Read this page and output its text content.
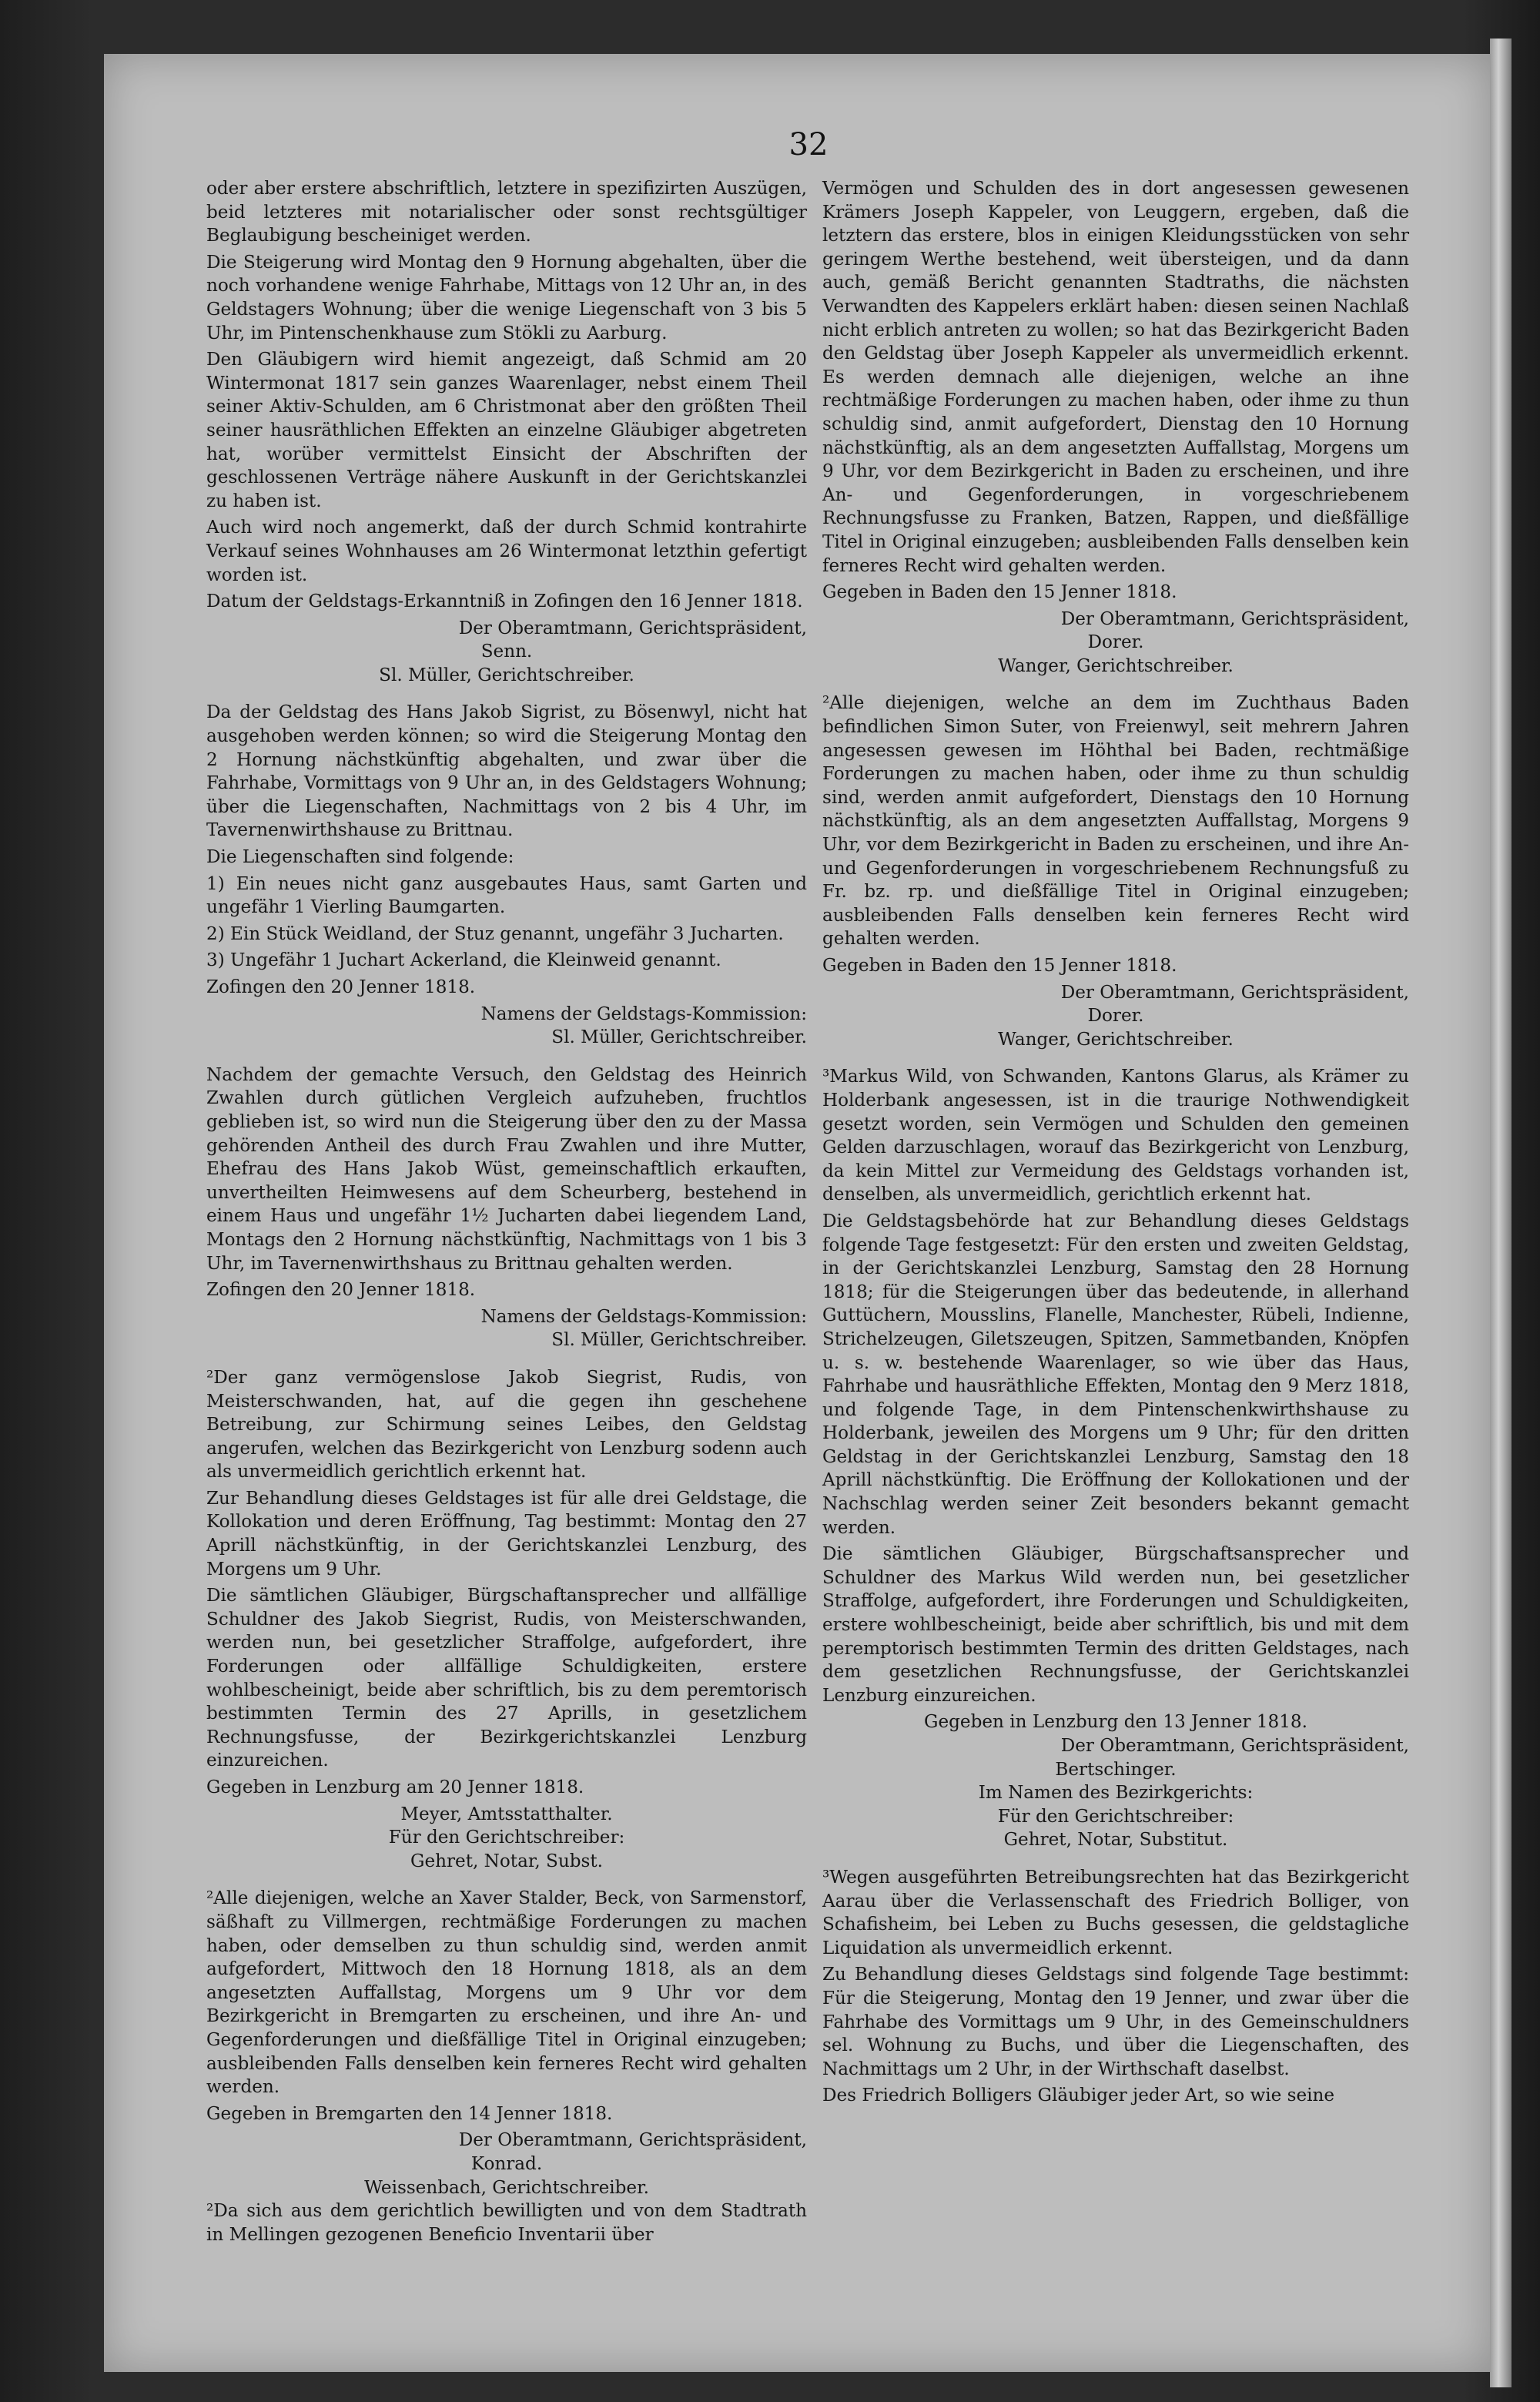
32

oder aber erstere abschriftlich, letztere in spezifizirten Auszügen, beid letzteres mit notarialischer oder sonst rechtsgültiger Beglaubigung bescheiniget werden.

Die Steigerung wird Montag den 9 Hornung abgehalten, über die noch vorhandene wenige Fahrhabe, Mittags von 12 Uhr an, in des Geldstagers Wohnung; über die wenige Liegenschaft von 3 bis 5 Uhr, im Pintenschenkhause zum Stökli zu Aarburg.

Den Gläubigern wird hiemit angezeigt, daß Schmid am 20 Wintermonat 1817 sein ganzes Waarenlager, nebst einem Theil seiner Aktiv-Schulden, am 6 Christmonat aber den größten Theil seiner hausräthlichen Effekten an einzelne Gläubiger abgetreten hat, worüber vermittelst Einsicht der Abschriften der geschlossenen Verträge nähere Auskunft in der Gerichtskanzlei zu haben ist.

Auch wird noch angemerkt, daß der durch Schmid kontrahirte Verkauf seines Wohnhauses am 26 Wintermonat letzthin gefertigt worden ist.

Datum der Geldstags-Erkanntniß in Zofingen den 16 Jenner 1818.

Der Oberamtmann, Gerichtspräsident,

Senn.

Sl. Müller, Gerichtschreiber.

Da der Geldstag des Hans Jakob Sigrist, zu Bösenwyl, nicht hat ausgehoben werden können; so wird die Steigerung Montag den 2 Hornung nächstkünftig abgehalten, und zwar über die Fahrhabe, Vormittags von 9 Uhr an, in des Geldstagers Wohnung; über die Liegenschaften, Nachmittags von 2 bis 4 Uhr, im Tavernenwirthshause zu Brittnau.

Die Liegenschaften sind folgende:

1) Ein neues nicht ganz ausgebautes Haus, samt Garten und ungefähr 1 Vierling Baumgarten.

2) Ein Stück Weidland, der Stuz genannt, ungefähr 3 Jucharten.

3) Ungefähr 1 Juchart Ackerland, die Kleinweid genannt.

Zofingen den 20 Jenner 1818.

Namens der Geldstags-Kommission:

Sl. Müller, Gerichtschreiber.

Nachdem der gemachte Versuch, den Geldstag des Heinrich Zwahlen durch gütlichen Vergleich aufzuheben, fruchtlos geblieben ist, so wird nun die Steigerung über den zu der Massa gehörenden Antheil des durch Frau Zwahlen und ihre Mutter, Ehefrau des Hans Jakob Wüst, gemeinschaftlich erkauften, unvertheilten Heimwesens auf dem Scheurberg, bestehend in einem Haus und ungefähr 1½ Jucharten dabei liegendem Land, Montags den 2 Hornung nächstkünftig, Nachmittags von 1 bis 3 Uhr, im Tavernenwirthshaus zu Brittnau gehalten werden.

Zofingen den 20 Jenner 1818.

Namens der Geldstags-Kommission:

Sl. Müller, Gerichtschreiber.

²Der ganz vermögenslose Jakob Siegrist, Rudis, von Meisterschwanden, hat, auf die gegen ihn geschehene Betreibung, zur Schirmung seines Leibes, den Geldstag angerufen, welchen das Bezirkgericht von Lenzburg sodenn auch als unvermeidlich gerichtlich erkennt hat.

Zur Behandlung dieses Geldstages ist für alle drei Geldstage, die Kollokation und deren Eröffnung, Tag bestimmt: Montag den 27 Aprill nächstkünftig, in der Gerichtskanzlei Lenzburg, des Morgens um 9 Uhr.

Die sämtlichen Gläubiger, Bürgschaftansprecher und allfällige Schuldner des Jakob Siegrist, Rudis, von Meisterschwanden, werden nun, bei gesetzlicher Straffolge, aufgefordert, ihre Forderungen oder allfällige Schuldigkeiten, erstere wohlbescheinigt, beide aber schriftlich, bis zu dem peremtorisch bestimmten Termin des 27 Aprills, in gesetzlichem Rechnungsfusse, der Bezirkgerichtskanzlei Lenzburg einzureichen.

Gegeben in Lenzburg am 20 Jenner 1818.

Meyer, Amtsstatthalter.

Für den Gerichtschreiber:

Gehret, Notar, Subst.

²Alle diejenigen, welche an Xaver Stalder, Beck, von Sarmenstorf, säßhaft zu Villmergen, rechtmäßige Forderungen zu machen haben, oder demselben zu thun schuldig sind, werden anmit aufgefordert, Mittwoch den 18 Hornung 1818, als an dem angesetzten Auffallstag, Morgens um 9 Uhr vor dem Bezirkgericht in Bremgarten zu erscheinen, und ihre An- und Gegenforderungen und dießfällige Titel in Original einzugeben; ausbleibenden Falls denselben kein ferneres Recht wird gehalten werden.

Gegeben in Bremgarten den 14 Jenner 1818.

Der Oberamtmann, Gerichtspräsident,

Konrad.

Weissenbach, Gerichtschreiber.

²Da sich aus dem gerichtlich bewilligten und von dem Stadtrath in Mellingen gezogenen Beneficio Inventarii über

Vermögen und Schulden des in dort angesessen gewesenen Krämers Joseph Kappeler, von Leuggern, ergeben, daß die letztern das erstere, blos in einigen Kleidungsstücken von sehr geringem Werthe bestehend, weit übersteigen, und da dann auch, gemäß Bericht genannten Stadtraths, die nächsten Verwandten des Kappelers erklärt haben: diesen seinen Nachlaß nicht erblich antreten zu wollen; so hat das Bezirkgericht Baden den Geldstag über Joseph Kappeler als unvermeidlich erkennt. Es werden demnach alle diejenigen, welche an ihne rechtmäßige Forderungen zu machen haben, oder ihme zu thun schuldig sind, anmit aufgefordert, Dienstag den 10 Hornung nächstkünftig, als an dem angesetzten Auffallstag, Morgens um 9 Uhr, vor dem Bezirkgericht in Baden zu erscheinen, und ihre An- und Gegenforderungen, in vorgeschriebenem Rechnungsfusse zu Franken, Batzen, Rappen, und dießfällige Titel in Original einzugeben; ausbleibenden Falls denselben kein ferneres Recht wird gehalten werden.

Gegeben in Baden den 15 Jenner 1818.

Der Oberamtmann, Gerichtspräsident,

Dorer.

Wanger, Gerichtschreiber.

²Alle diejenigen, welche an dem im Zuchthaus Baden befindlichen Simon Suter, von Freienwyl, seit mehrern Jahren angesessen gewesen im Höhthal bei Baden, rechtmäßige Forderungen zu machen haben, oder ihme zu thun schuldig sind, werden anmit aufgefordert, Dienstags den 10 Hornung nächstkünftig, als an dem angesetzten Auffallstag, Morgens 9 Uhr, vor dem Bezirkgericht in Baden zu erscheinen, und ihre An- und Gegenforderungen in vorgeschriebenem Rechnungsfuß zu Fr. bz. rp. und dießfällige Titel in Original einzugeben; ausbleibenden Falls denselben kein ferneres Recht wird gehalten werden.

Gegeben in Baden den 15 Jenner 1818.

Der Oberamtmann, Gerichtspräsident,

Dorer.

Wanger, Gerichtschreiber.

³Markus Wild, von Schwanden, Kantons Glarus, als Krämer zu Holderbank angesessen, ist in die traurige Nothwendigkeit gesetzt worden, sein Vermögen und Schulden den gemeinen Gelden darzuschlagen, worauf das Bezirkgericht von Lenzburg, da kein Mittel zur Vermeidung des Geldstags vorhanden ist, denselben, als unvermeidlich, gerichtlich erkennt hat.

Die Geldstagsbehörde hat zur Behandlung dieses Geldstags folgende Tage festgesetzt: Für den ersten und zweiten Geldstag, in der Gerichtskanzlei Lenzburg, Samstag den 28 Hornung 1818; für die Steigerungen über das bedeutende, in allerhand Guttüchern, Mousslins, Flanelle, Manchester, Rübeli, Indienne, Strichelzeugen, Giletszeugen, Spitzen, Sammetbanden, Knöpfen u. s. w. bestehende Waarenlager, so wie über das Haus, Fahrhabe und hausräthliche Effekten, Montag den 9 Merz 1818, und folgende Tage, in dem Pintenschenkwirthshause zu Holderbank, jeweilen des Morgens um 9 Uhr; für den dritten Geldstag in der Gerichtskanzlei Lenzburg, Samstag den 18 Aprill nächstkünftig. Die Eröffnung der Kollokationen und der Nachschlag werden seiner Zeit besonders bekannt gemacht werden.

Die sämtlichen Gläubiger, Bürgschaftsansprecher und Schuldner des Markus Wild werden nun, bei gesetzlicher Straffolge, aufgefordert, ihre Forderungen und Schuldigkeiten, erstere wohlbescheinigt, beide aber schriftlich, bis und mit dem peremptorisch bestimmten Termin des dritten Geldstages, nach dem gesetzlichen Rechnungsfusse, der Gerichtskanzlei Lenzburg einzureichen.

Gegeben in Lenzburg den 13 Jenner 1818.

Der Oberamtmann, Gerichtspräsident,

Bertschinger.

Im Namen des Bezirkgerichts:

Für den Gerichtschreiber:

Gehret, Notar, Substitut.

³Wegen ausgeführten Betreibungsrechten hat das Bezirkgericht Aarau über die Verlassenschaft des Friedrich Bolliger, von Schafisheim, bei Leben zu Buchs gesessen, die geldstagliche Liquidation als unvermeidlich erkennt.

Zu Behandlung dieses Geldstags sind folgende Tage bestimmt: Für die Steigerung, Montag den 19 Jenner, und zwar über die Fahrhabe des Vormittags um 9 Uhr, in des Gemeinschuldners sel. Wohnung zu Buchs, und über die Liegenschaften, des Nachmittags um 2 Uhr, in der Wirthschaft daselbst.

Des Friedrich Bolligers Gläubiger jeder Art, so wie seine
